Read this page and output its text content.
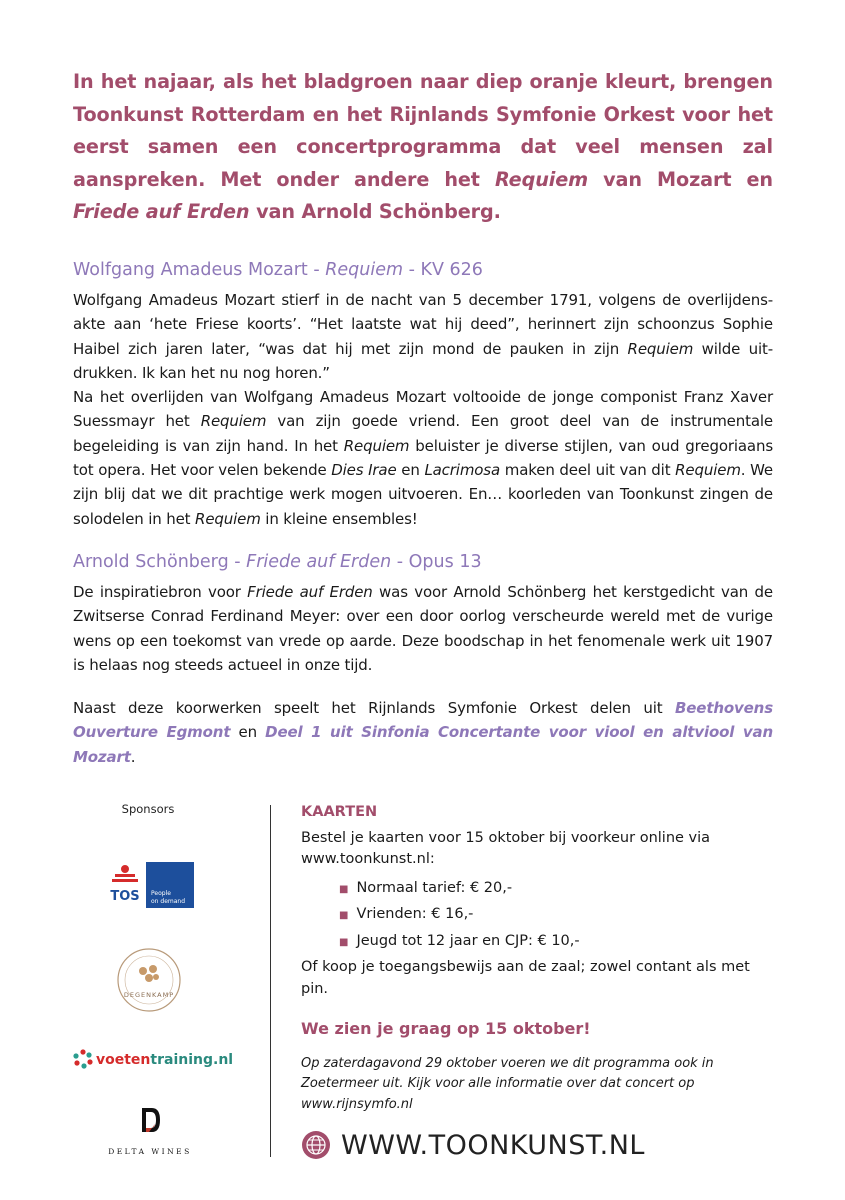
In het najaar, als het bladgroen naar diep oranje kleurt, brengen Toonkunst Rotterdam en het Rijnlands Symfonie Orkest voor het eerst samen een concertprogramma dat veel mensen zal aanspreken. Met onder andere het Requiem van Mozart en Friede auf Erden van Arnold Schönberg.

Wolfgang Amadeus Mozart - Requiem - KV 626

Wolfgang Amadeus Mozart stierf in de nacht van 5 december 1791, volgens de overlijdens-akte aan ‘hete Friese koorts’. “Het laatste wat hij deed”, herinnert zijn schoonzus Sophie Haibel zich jaren later, “was dat hij met zijn mond de pauken in zijn Requiem wilde uit-drukken. Ik kan het nu nog horen.”

Na het overlijden van Wolfgang Amadeus Mozart voltooide de jonge componist Franz Xaver Suessmayr het Requiem van zijn goede vriend. Een groot deel van de instrumentale begeleiding is van zijn hand. In het Requiem beluister je diverse stijlen, van oud gregoriaans tot opera. Het voor velen bekende Dies Irae en Lacrimosa maken deel uit van dit Requiem. We zijn blij dat we dit prachtige werk mogen uitvoeren. En… koorleden van Toonkunst zingen de solodelen in het Requiem in kleine ensembles!

Arnold Schönberg - Friede auf Erden - Opus 13

De inspiratiebron voor Friede auf Erden was voor Arnold Schönberg het kerstgedicht van de Zwitserse Conrad Ferdinand Meyer: over een door oorlog verscheurde wereld met de vurige wens op een toekomst van vrede op aarde. Deze boodschap in het fenomenale werk uit 1907 is helaas nog steeds actueel in onze tijd.

Naast deze koorwerken speelt het Rijnlands Symfonie Orkest delen uit Beethovens Ouverture Egmont en Deel 1 uit Sinfonia Concertante voor viool en altviool van Mozart.
Sponsors
TOS People
on demand
DEGENKAMP
voetentraining.nl
DELTA WINES
KAARTEN
Bestel je kaarten voor 15 oktober bij voorkeur online via www.toonkunst.nl:
■ Normaal tarief: € 20,-
■ Vrienden: € 16,-
■ Jeugd tot 12 jaar en CJP: € 10,-
Of koop je toegangsbewijs aan de zaal; zowel contant als met pin.
We zien je graag op 15 oktober!
Op zaterdagavond 29 oktober voeren we dit programma ook in Zoetermeer uit. Kijk voor alle informatie over dat concert op www.rijnsymfo.nl
WWW.TOONKUNST.NL
